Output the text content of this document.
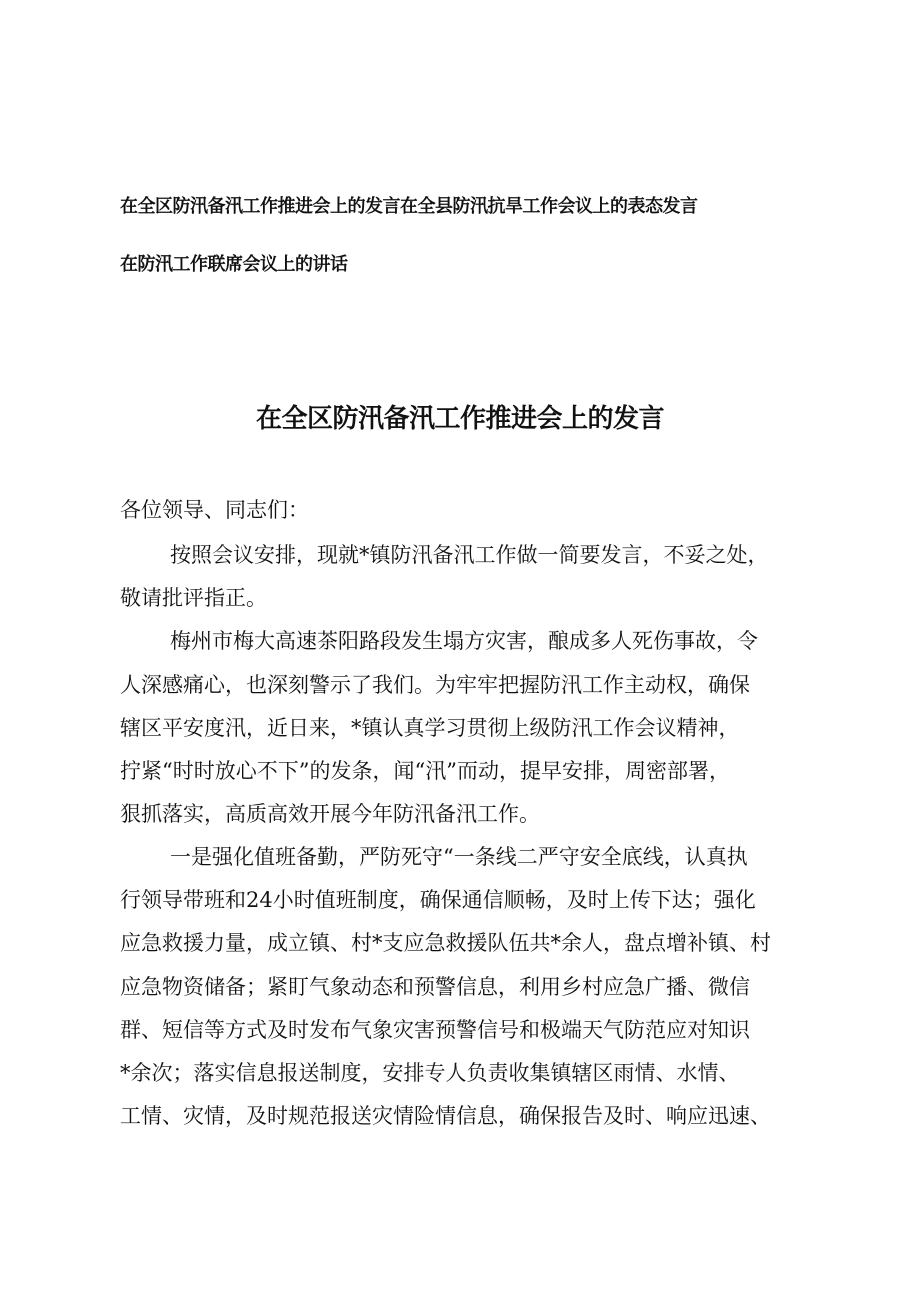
在全区防汛备汛工作推进会上的发言在全县防汛抗旱工作会议上的表态发言
在防汛工作联席会议上的讲话
在全区防汛备汛工作推进会上的发言
各位领导、同志们：
按照会议安排，现就*镇防汛备汛工作做一简要发言，不妥之处，
敬请批评指正。
梅州市梅大高速茶阳路段发生塌方灾害，酿成多人死伤事故，令
人深感痛心，也深刻警示了我们。为牢牢把握防汛工作主动权，确保
辖区平安度汛，近日来，*镇认真学习贯彻上级防汛工作会议精神，
拧紧“时时放心不下”的发条，闻“汛”而动，提早安排，周密部署，
狠抓落实，高质高效开展今年防汛备汛工作。
一是强化值班备勤，严防死守“一条线二严守安全底线，认真执
行领导带班和24小时值班制度，确保通信顺畅，及时上传下达；强化
应急救援力量，成立镇、村*支应急救援队伍共*余人，盘点增补镇、村
应急物资储备；紧盯气象动态和预警信息，利用乡村应急广播、微信
群、短信等方式及时发布气象灾害预警信号和极端天气防范应对知识
*余次；落实信息报送制度，安排专人负责收集镇辖区雨情、水情、
工情、灾情，及时规范报送灾情险情信息，确保报告及时、响应迅速、
